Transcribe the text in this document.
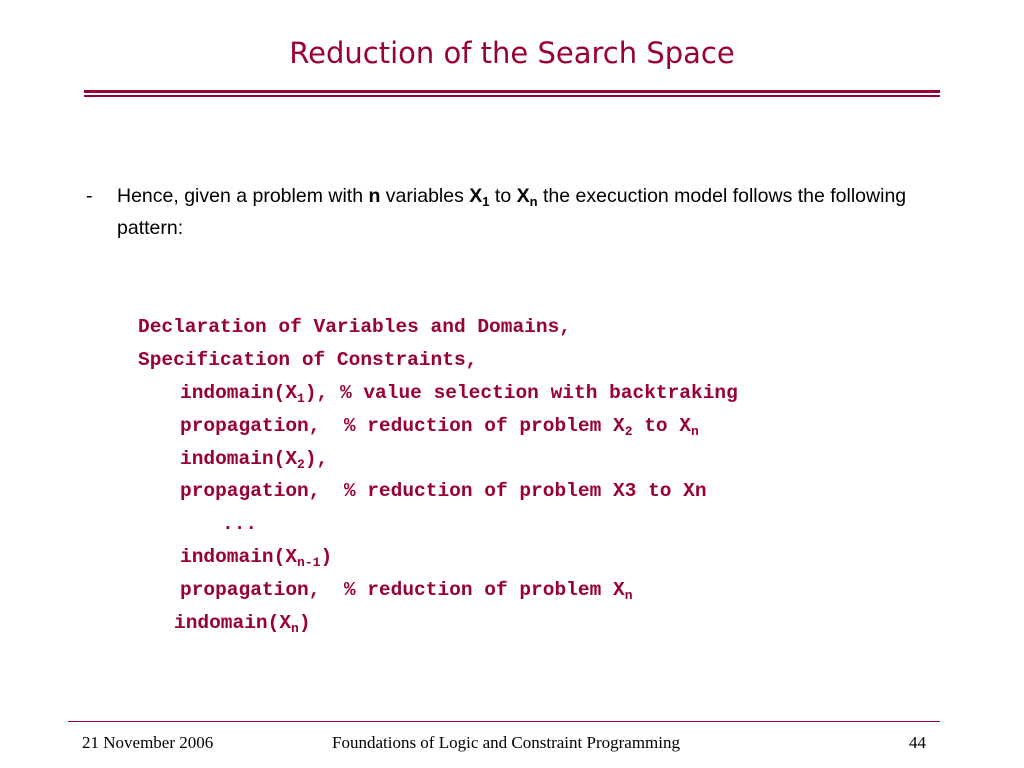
Reduction of the Search Space
- Hence, given a problem with n variables $X_1$ to $X_n$ the execuction model follows the following pattern:
Declaration of Variables and Domains,
Specification of Constraints,
$indomain(X_1)$, % value selection with backtraking
propagation,  % reduction of problem $X_2$ to $X_n$
$indomain(X_2)$,
propagation,  % reduction of problem X3 to Xn
...
$indomain(X_{n-1})$
propagation,  % reduction of problem $X_n$
$indomain(X_n)$
21 November 2006	Foundations of Logic and Constraint Programming	44
